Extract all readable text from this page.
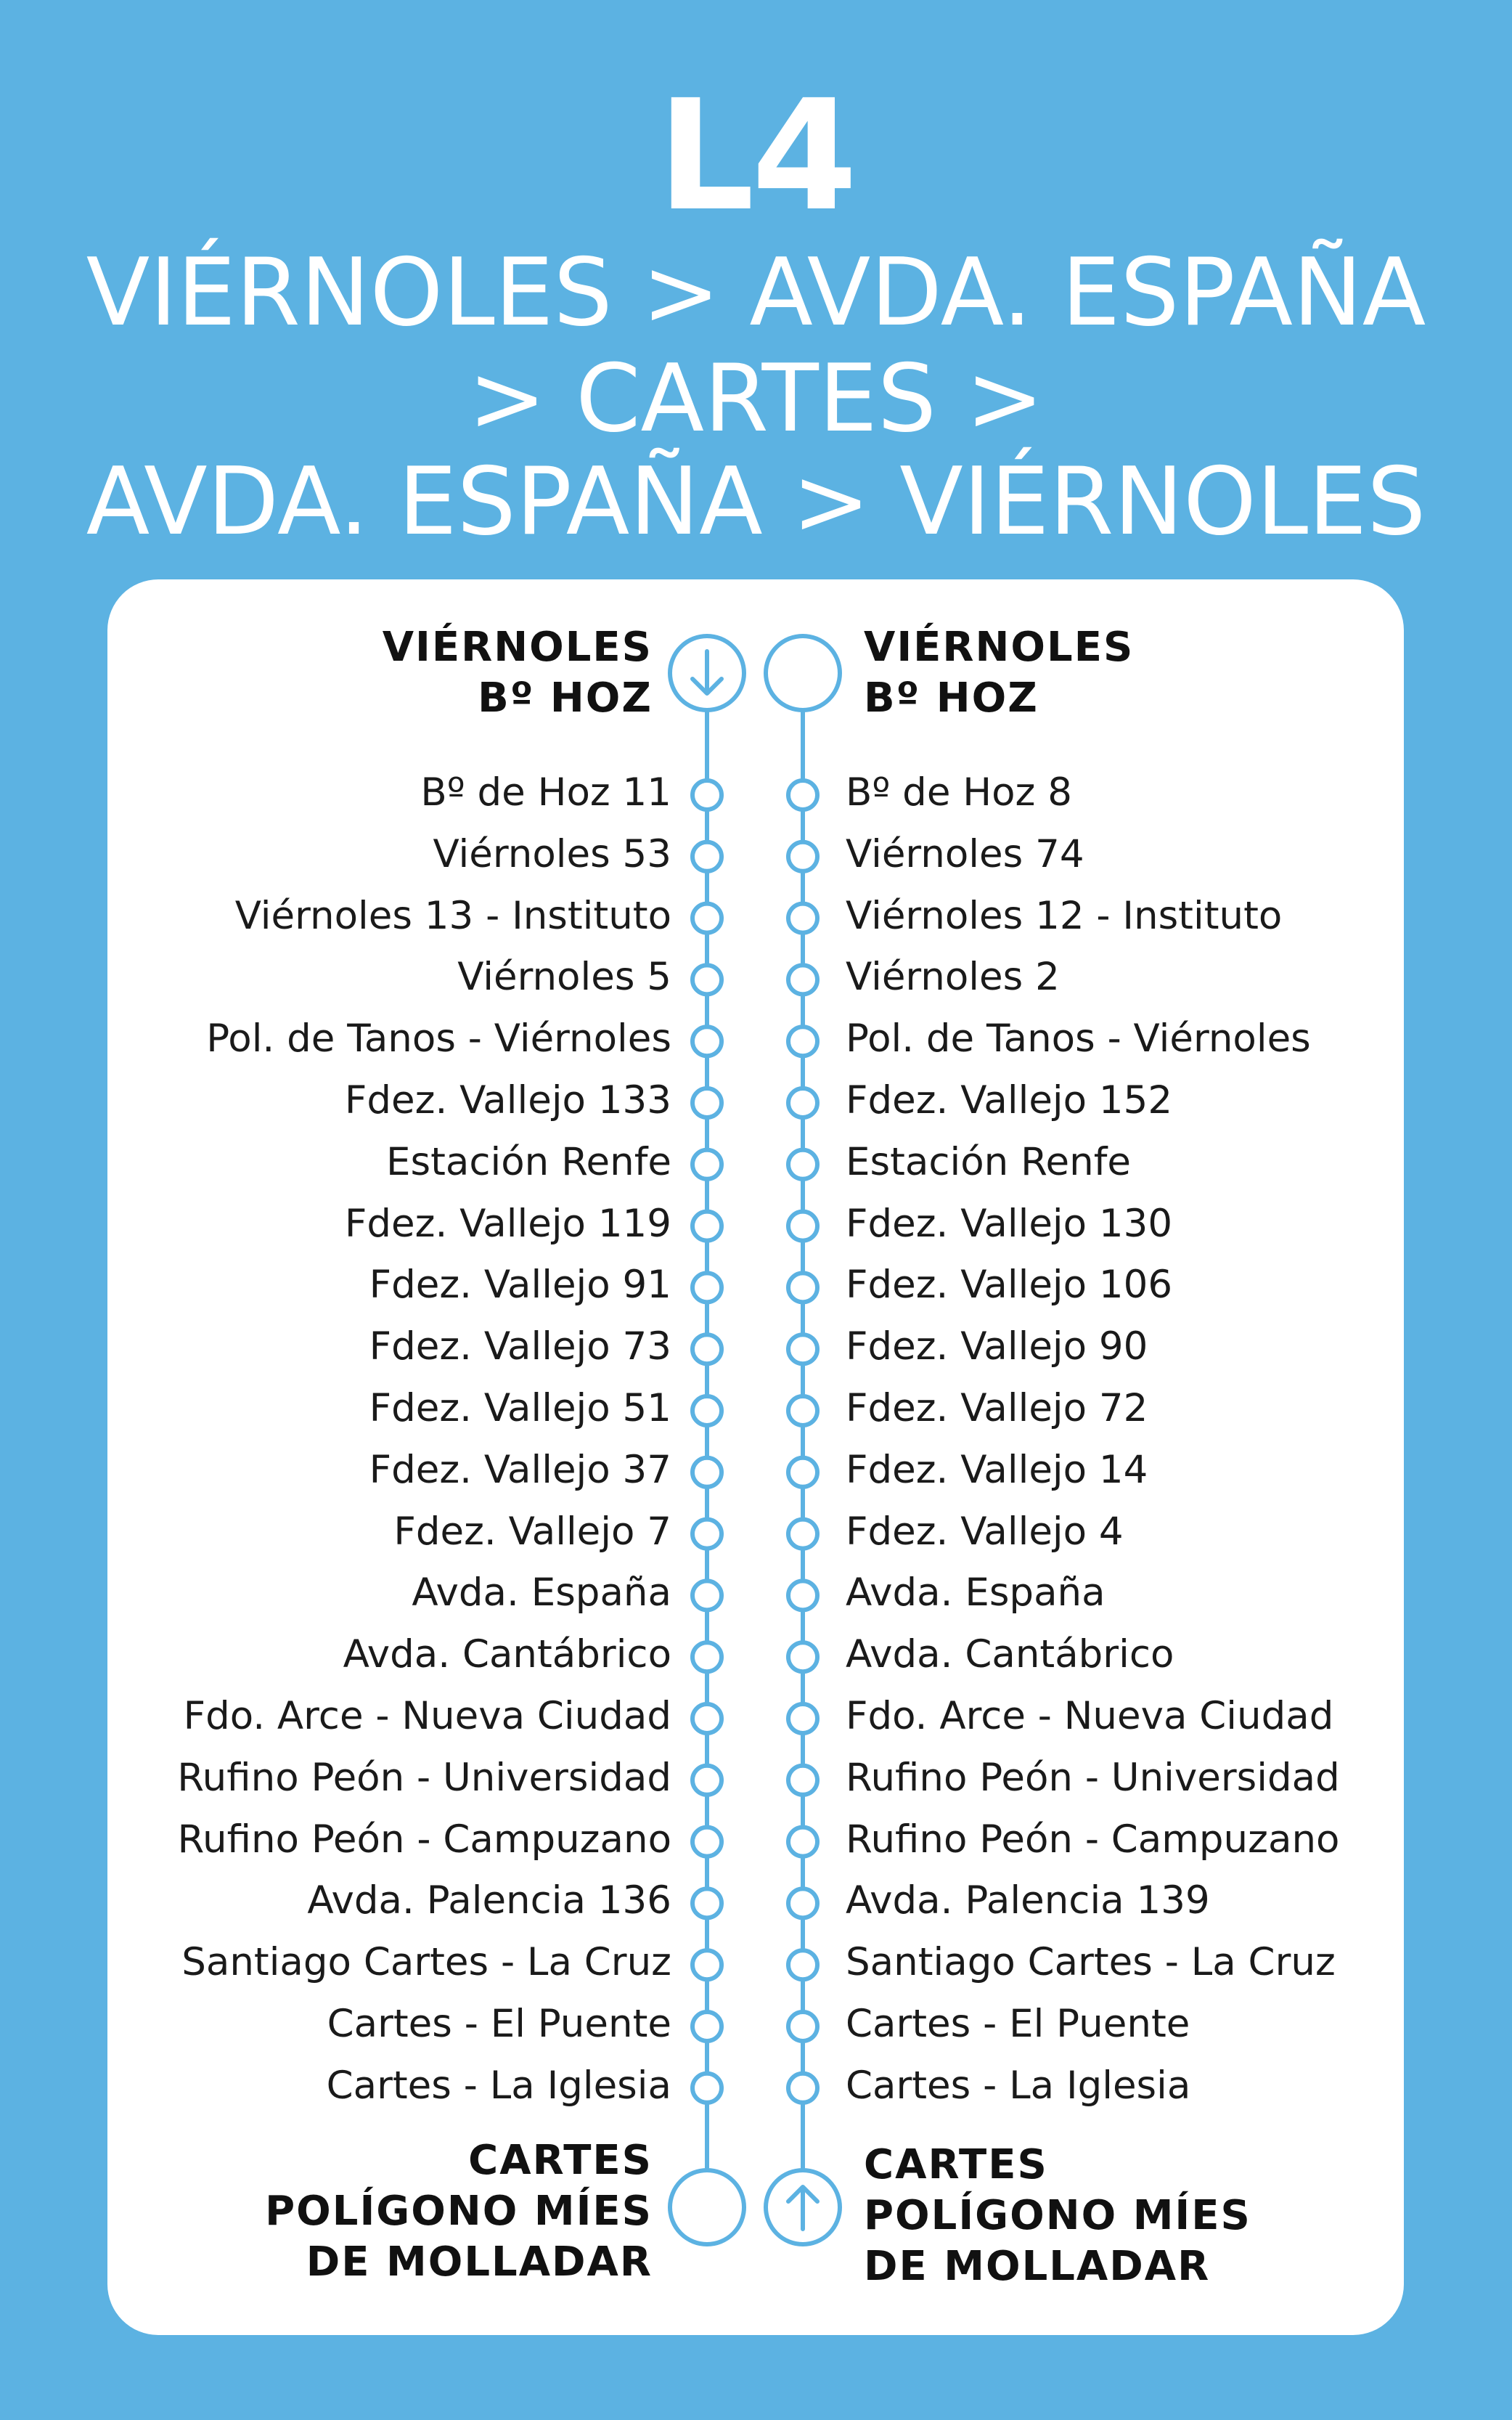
L4
VIÉRNOLES > AVDA. ESPAÑA
> CARTES >
AVDA. ESPAÑA > VIÉRNOLES
VIÉRNOLES
Bº HOZ
VIÉRNOLES
Bº HOZ
CARTES
POLÍGONO MÍES
DE MOLLADAR
CARTES
POLÍGONO MÍES
DE MOLLADAR
Bº de Hoz 11
Viérnoles 53
Viérnoles 13 - Instituto
Viérnoles 5
Pol. de Tanos - Viérnoles
Fdez. Vallejo 133
Estación Renfe
Fdez. Vallejo 119
Fdez. Vallejo 91
Fdez. Vallejo 73
Fdez. Vallejo 51
Fdez. Vallejo 37
Fdez. Vallejo 7
Avda. España
Avda. Cantábrico
Fdo. Arce - Nueva Ciudad
Rufino Peón - Universidad
Rufino Peón - Campuzano
Avda. Palencia 136
Santiago Cartes - La Cruz
Cartes - El Puente
Cartes - La Iglesia
Bº de Hoz 8
Viérnoles 74
Viérnoles 12 - Instituto
Viérnoles 2
Pol. de Tanos - Viérnoles
Fdez. Vallejo 152
Estación Renfe
Fdez. Vallejo 130
Fdez. Vallejo 106
Fdez. Vallejo 90
Fdez. Vallejo 72
Fdez. Vallejo 14
Fdez. Vallejo 4
Avda. España
Avda. Cantábrico
Fdo. Arce - Nueva Ciudad
Rufino Peón - Universidad
Rufino Peón - Campuzano
Avda. Palencia 139
Santiago Cartes - La Cruz
Cartes - El Puente
Cartes - La Iglesia
